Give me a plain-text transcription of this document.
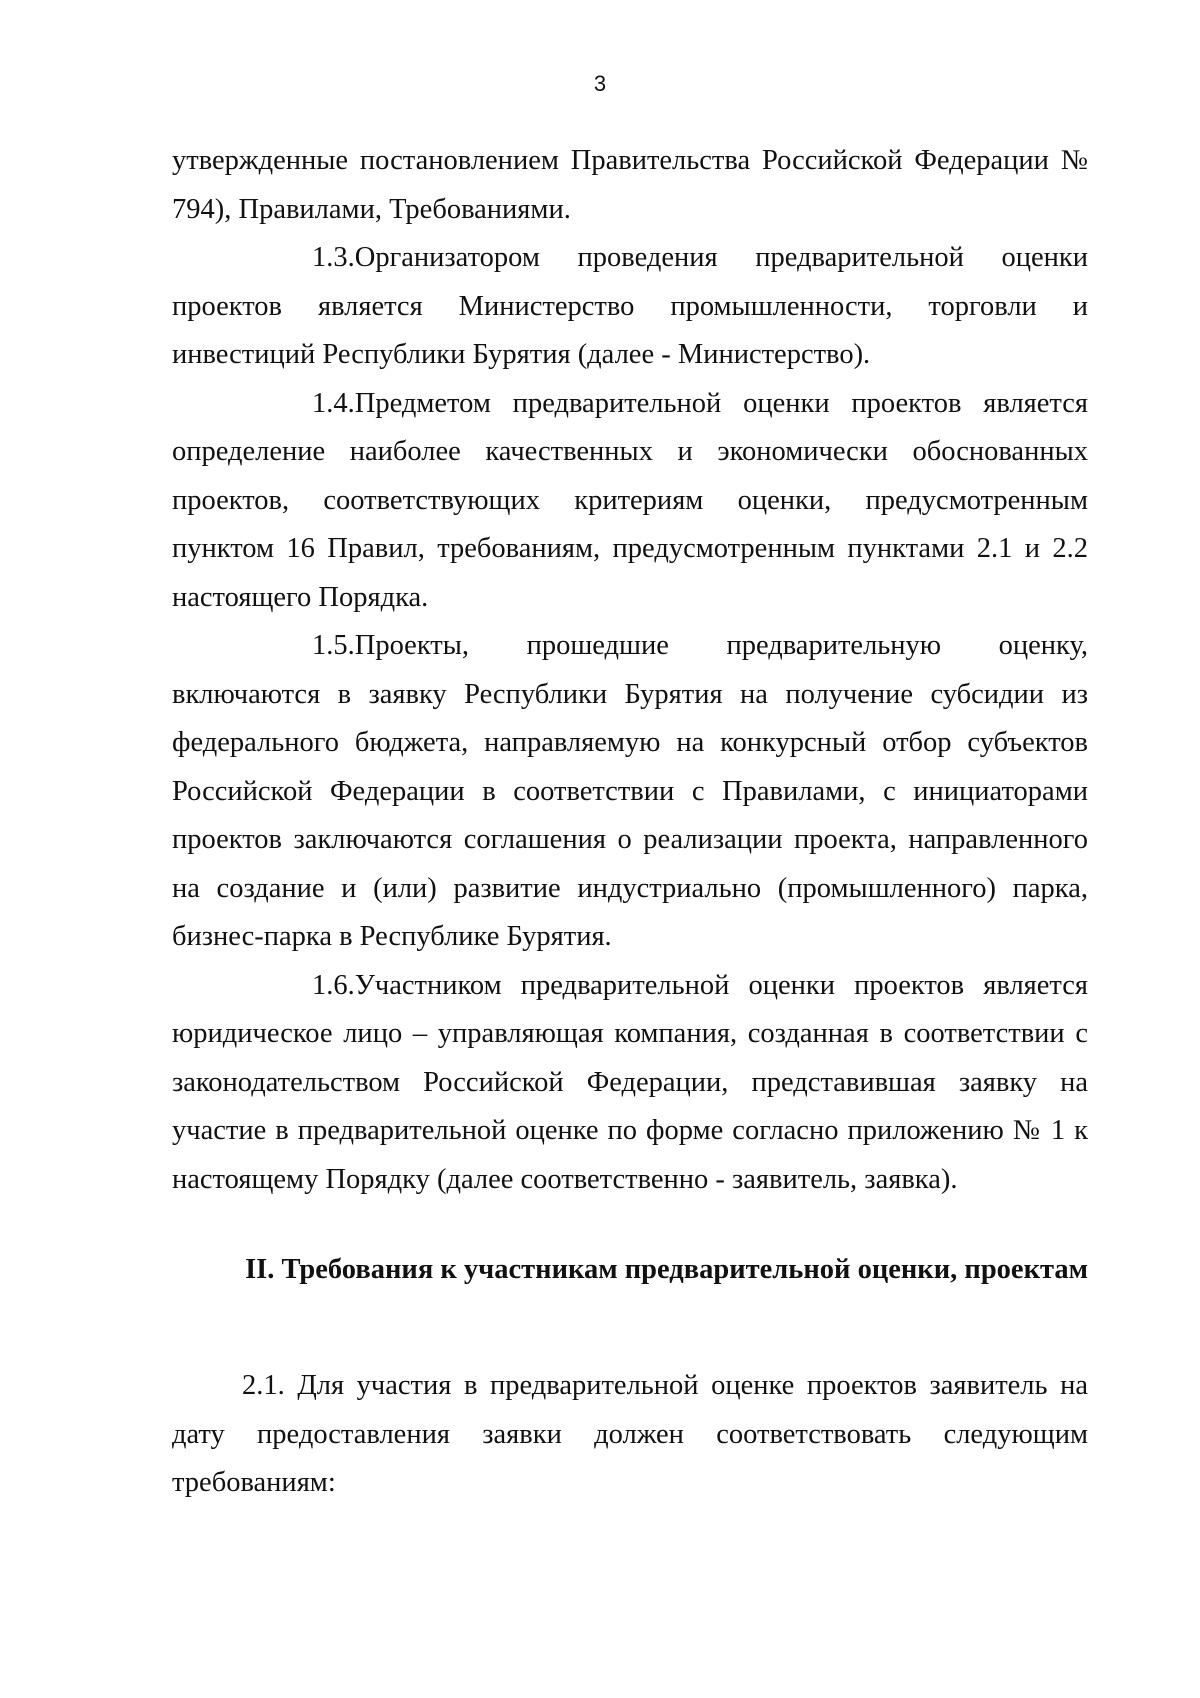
3

утвержденные постановлением Правительства Российской Федерации № 794), Правилами, Требованиями.

1.3.Организатором проведения предварительной оценки проектов является Министерство промышленности, торговли и инвестиций Республики Бурятия (далее - Министерство).

1.4.Предметом предварительной оценки проектов является определение наиболее качественных и экономически обоснованных проектов, соответствующих критериям оценки, предусмотренным пунктом 16 Правил, требованиям, предусмотренным пунктами 2.1 и 2.2 настоящего Порядка.

1.5.Проекты, прошедшие предварительную оценку, включаются в заявку Республики Бурятия на получение субсидии из федерального бюджета, направляемую на конкурсный отбор субъектов Российской Федерации в соответствии с Правилами, с инициаторами проектов заключаются соглашения о реализации проекта, направленного на создание и (или) развитие индустриально (промышленного) парка, бизнес-парка в Республике Бурятия.

1.6.Участником предварительной оценки проектов является юридическое лицо – управляющая компания, созданная в соответствии с законодательством Российской Федерации, представившая заявку на участие в предварительной оценке по форме согласно приложению № 1 к настоящему Порядку (далее соответственно - заявитель, заявка).

II. Требования к участникам предварительной оценки, проектам

2.1. Для участия в предварительной оценке проектов заявитель на дату предоставления заявки должен соответствовать следующим требованиям:
